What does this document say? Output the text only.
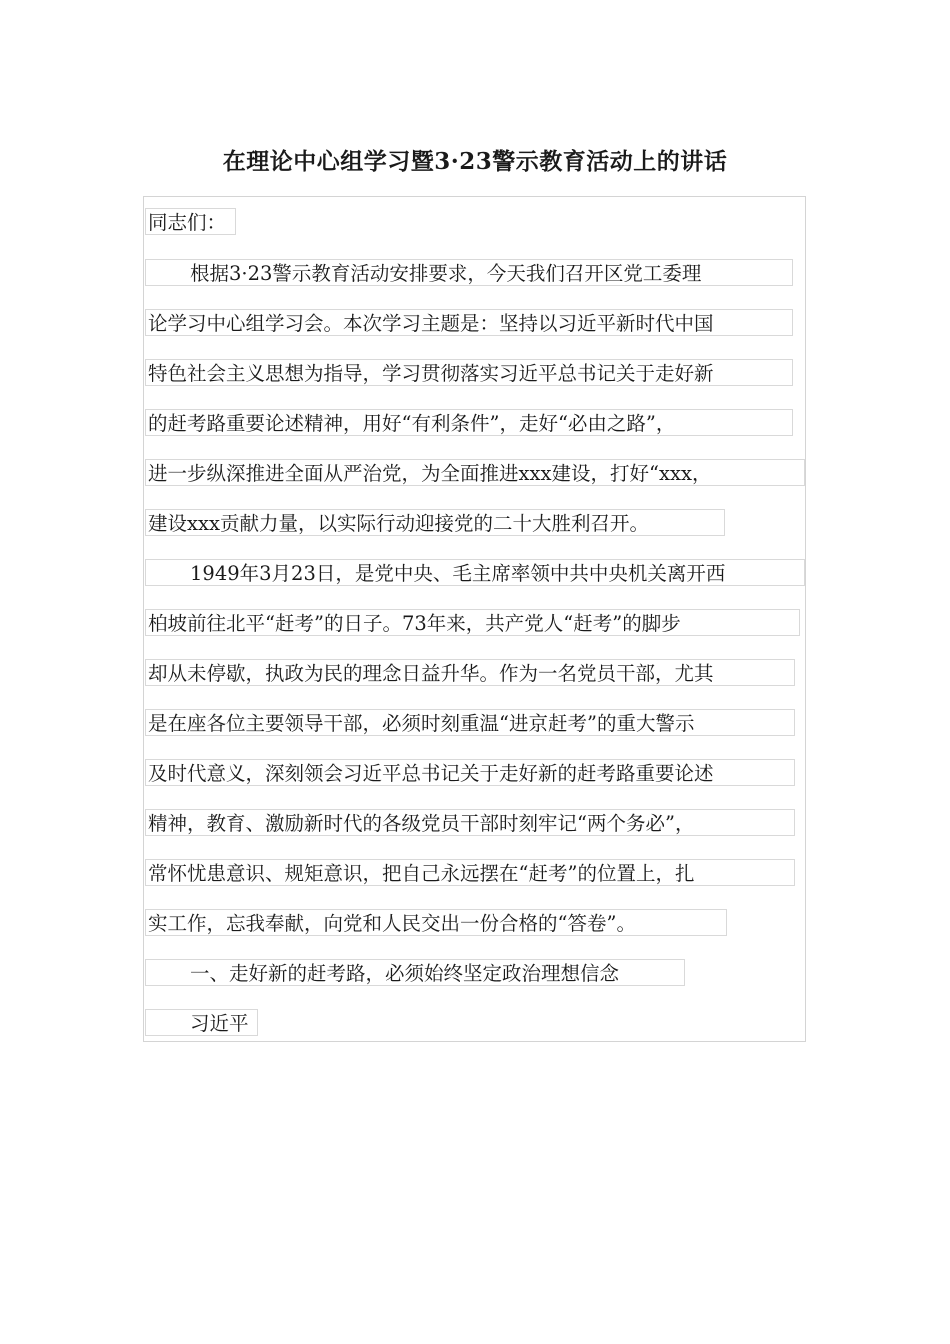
在理论中心组学习暨3·23警示教育活动上的讲话
同志们：
根据3·23警示教育活动安排要求，今天我们召开区党工委理
论学习中心组学习会。本次学习主题是：坚持以习近平新时代中国
特色社会主义思想为指导，学习贯彻落实习近平总书记关于走好新
的赶考路重要论述精神，用好“有利条件”，走好“必由之路”，
进一步纵深推进全面从严治党，为全面推进xxx建设，打好“xxx，
建设xxx贡献力量，以实际行动迎接党的二十大胜利召开。
1949年3月23日，是党中央、毛主席率领中共中央机关离开西
柏坡前往北平“赶考”的日子。73年来，共产党人“赶考”的脚步
却从未停歇，执政为民的理念日益升华。作为一名党员干部，尤其
是在座各位主要领导干部，必须时刻重温“进京赶考”的重大警示
及时代意义，深刻领会习近平总书记关于走好新的赶考路重要论述
精神，教育、激励新时代的各级党员干部时刻牢记“两个务必”，
常怀忧患意识、规矩意识，把自己永远摆在“赶考”的位置上，扎
实工作，忘我奉献，向党和人民交出一份合格的“答卷”。
一、走好新的赶考路，必须始终坚定政治理想信念
习近平
